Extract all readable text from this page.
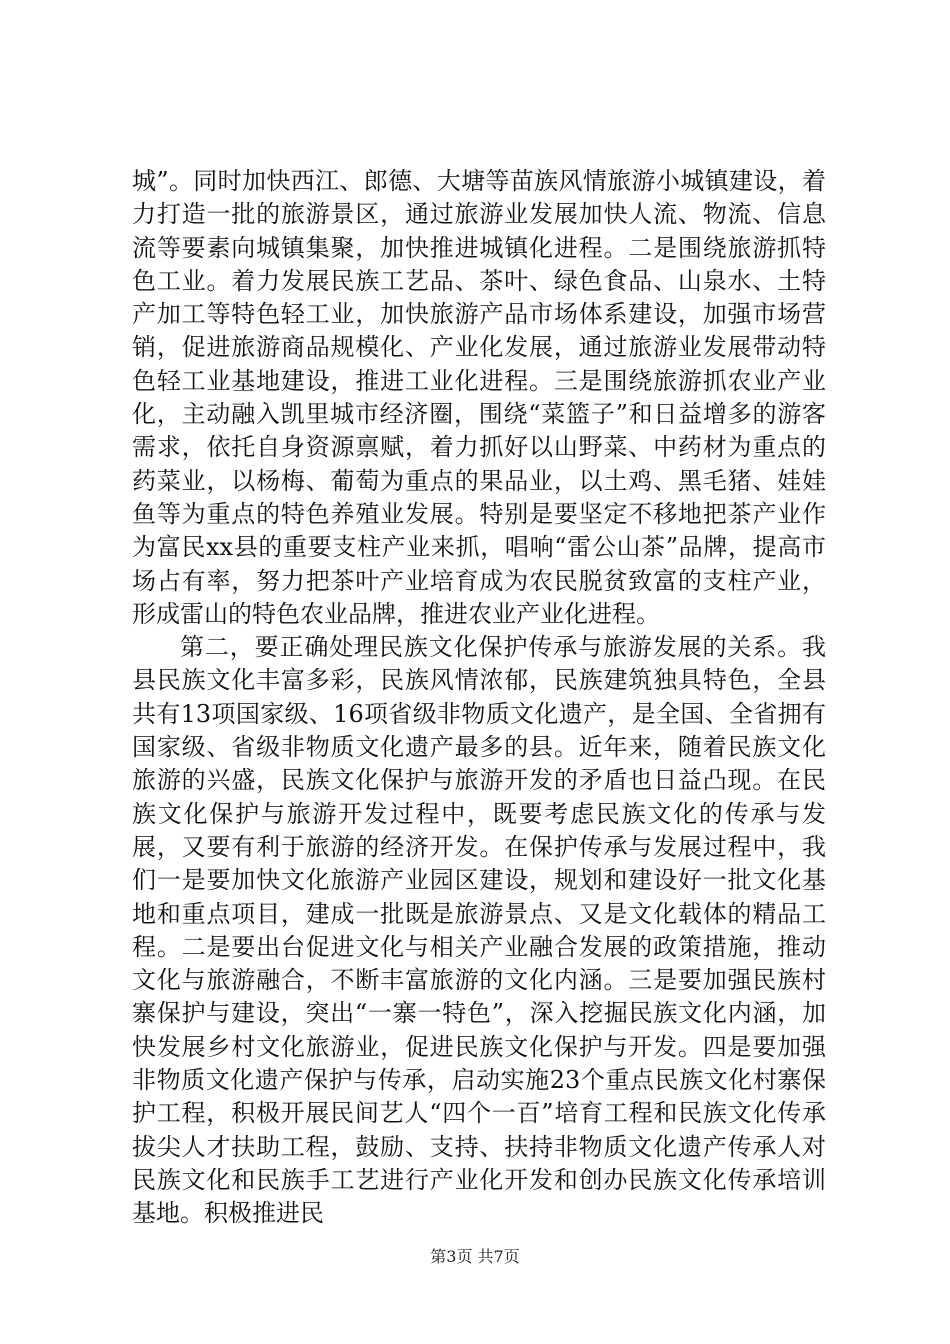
城”。同时加快西江、郎德、大塘等苗族风情旅游小城镇建设，着力打造一批的旅游景区，通过旅游业发展加快人流、物流、信息流等要素向城镇集聚，加快推进城镇化进程。二是围绕旅游抓特色工业。着力发展民族工艺品、茶叶、绿色食品、山泉水、土特产加工等特色轻工业，加快旅游产品市场体系建设，加强市场营销，促进旅游商品规模化、产业化发展，通过旅游业发展带动特色轻工业基地建设，推进工业化进程。三是围绕旅游抓农业产业化，主动融入凯里城市经济圈，围绕“菜篮子”和日益增多的游客需求，依托自身资源禀赋，着力抓好以山野菜、中药材为重点的药菜业，以杨梅、葡萄为重点的果品业，以土鸡、黑毛猪、娃娃鱼等为重点的特色养殖业发展。特别是要坚定不移地把茶产业作为富民xx县的重要支柱产业来抓，唱响“雷公山茶”品牌，提高市场占有率，努力把茶叶产业培育成为农民脱贫致富的支柱产业，形成雷山的特色农业品牌，推进农业产业化进程。

第二，要正确处理民族文化保护传承与旅游发展的关系。我县民族文化丰富多彩，民族风情浓郁，民族建筑独具特色，全县共有13项国家级、16项省级非物质文化遗产，是全国、全省拥有国家级、省级非物质文化遗产最多的县。近年来，随着民族文化旅游的兴盛，民族文化保护与旅游开发的矛盾也日益凸现。在民族文化保护与旅游开发过程中，既要考虑民族文化的传承与发展，又要有利于旅游的经济开发。在保护传承与发展过程中，我们一是要加快文化旅游产业园区建设，规划和建设好一批文化基地和重点项目，建成一批既是旅游景点、又是文化载体的精品工程。二是要出台促进文化与相关产业融合发展的政策措施，推动文化与旅游融合，不断丰富旅游的文化内涵。三是要加强民族村寨保护与建设，突出“一寨一特色”，深入挖掘民族文化内涵，加快发展乡村文化旅游业，促进民族文化保护与开发。四是要加强非物质文化遗产保护与传承，启动实施23个重点民族文化村寨保护工程，积极开展民间艺人“四个一百”培育工程和民族文化传承拔尖人才扶助工程，鼓励、支持、扶持非物质文化遗产传承人对民族文化和民族手工艺进行产业化开发和创办民族文化传承培训基地。积极推进民

第3页 共7页
